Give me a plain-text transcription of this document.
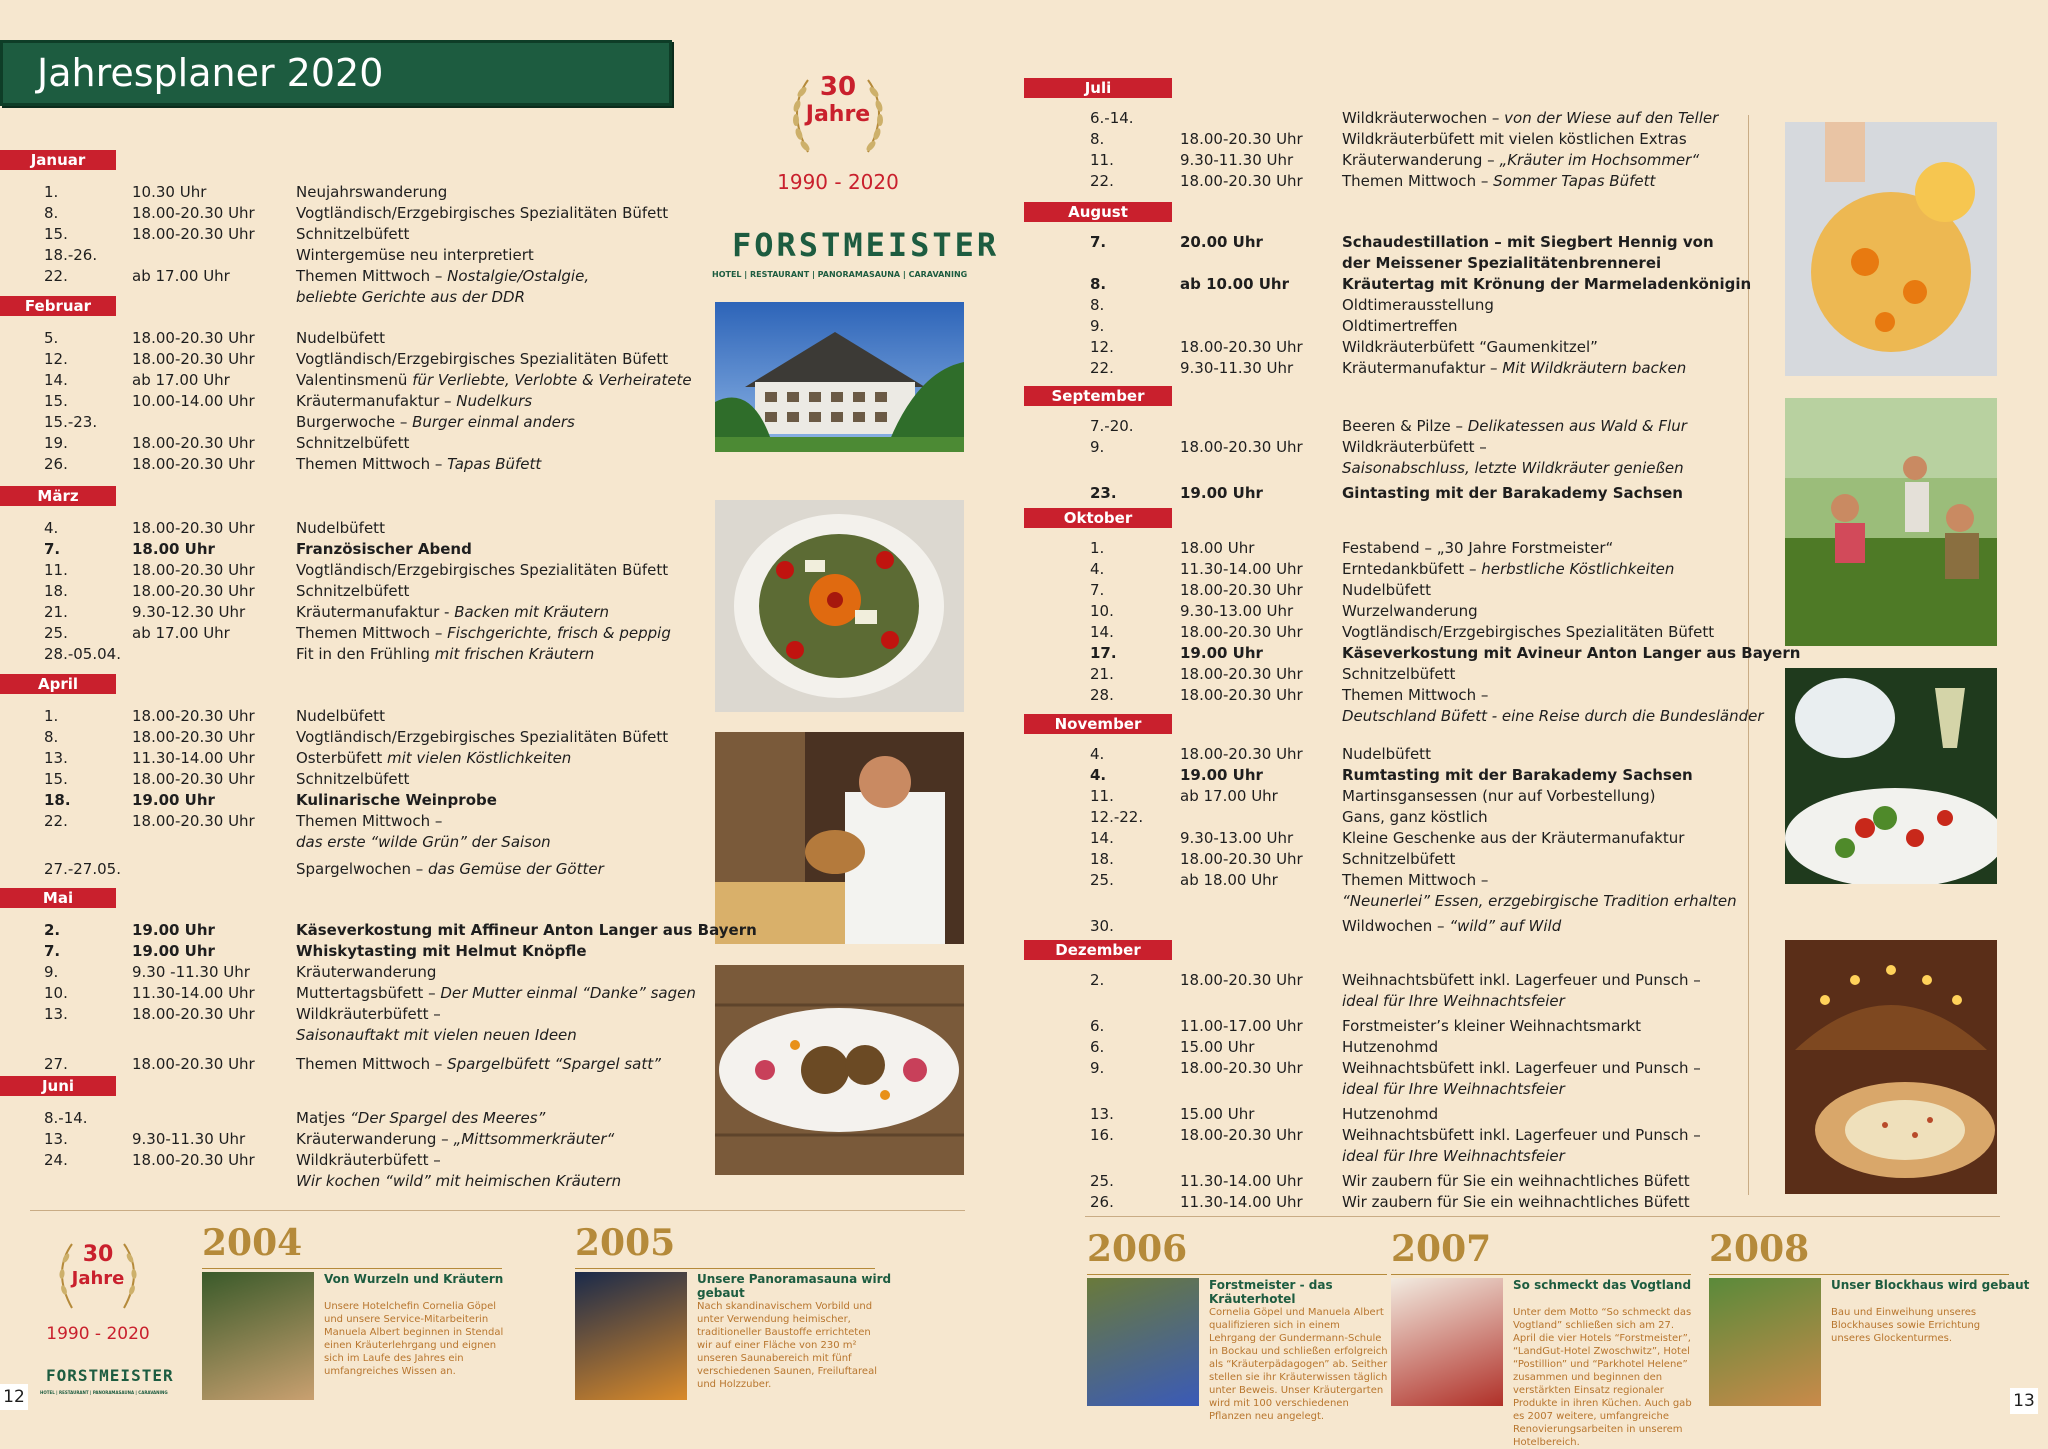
Jahresplaner 2020	30
Jahre
1990 - 2020
FORSTMEISTER
HOTEL | RESTAURANT | PANORAMASAUNA | CARAVANING
Januar
1.	10.30 Uhr	Neujahrswanderung
8.	18.00-20.30 Uhr	Vogtländisch/Erzgebirgisches Spezialitäten Büfett
15.	18.00-20.30 Uhr	Schnitzelbüfett
18.-26.	Wintergemüse neu interpretiert
22.	ab 17.00 Uhr	Themen Mittwoch – Nostalgie/Ostalgie,
beliebte Gerichte aus der DDR
Februar
5.	18.00-20.30 Uhr	Nudelbüfett
12.	18.00-20.30 Uhr	Vogtländisch/Erzgebirgisches Spezialitäten Büfett
14.	ab 17.00 Uhr	Valentinsmenü für Verliebte, Verlobte & Verheiratete
15.	10.00-14.00 Uhr	Kräutermanufaktur – Nudelkurs
15.-23.	Burgerwoche – Burger einmal anders
19.	18.00-20.30 Uhr	Schnitzelbüfett
26.	18.00-20.30 Uhr	Themen Mittwoch – Tapas Büfett
März
4.	18.00-20.30 Uhr	Nudelbüfett
7.	18.00 Uhr	Französischer Abend
11.	18.00-20.30 Uhr	Vogtländisch/Erzgebirgisches Spezialitäten Büfett
18.	18.00-20.30 Uhr	Schnitzelbüfett
21.	9.30-12.30 Uhr	Kräutermanufaktur - Backen mit Kräutern
25.	ab 17.00 Uhr	Themen Mittwoch – Fischgerichte, frisch & peppig
28.-05.04.	Fit in den Frühling mit frischen Kräutern
April
1.	18.00-20.30 Uhr	Nudelbüfett
8.	18.00-20.30 Uhr	Vogtländisch/Erzgebirgisches Spezialitäten Büfett
13.	11.30-14.00 Uhr	Osterbüfett mit vielen Köstlichkeiten
15.	18.00-20.30 Uhr	Schnitzelbüfett
18.	19.00 Uhr	Kulinarische Weinprobe
22.	18.00-20.30 Uhr	Themen Mittwoch –
das erste “wilde Grün” der Saison
27.-27.05.	Spargelwochen – das Gemüse der Götter
Mai
2.	19.00 Uhr	Käseverkostung mit Affineur Anton Langer aus Bayern
7.	19.00 Uhr	Whiskytasting mit Helmut Knöpfle
9.	9.30 -11.30 Uhr	Kräuterwanderung
10.	11.30-14.00 Uhr	Muttertagsbüfett – Der Mutter einmal “Danke” sagen
13.	18.00-20.30 Uhr	Wildkräuterbüfett –
Saisonauftakt mit vielen neuen Ideen
27.	18.00-20.30 Uhr	Themen Mittwoch – Spargelbüfett “Spargel satt”
Juni
8.-14.	Matjes “Der Spargel des Meeres”
13.	9.30-11.30 Uhr	Kräuterwanderung – „Mittsommerkräuter“
24.	18.00-20.30 Uhr	Wildkräuterbüfett –
Wir kochen “wild” mit heimischen Kräutern
Juli
6.-14.	Wildkräuterwochen – von der Wiese auf den Teller
8.	18.00-20.30 Uhr	Wildkräuterbüfett mit vielen köstlichen Extras
11.	9.30-11.30 Uhr	Kräuterwanderung – „Kräuter im Hochsommer“
22.	18.00-20.30 Uhr	Themen Mittwoch – Sommer Tapas Büfett
August
7.	20.00 Uhr	Schaudestillation – mit Siegbert Hennig von
der Meissener Spezialitätenbrennerei
8.	ab 10.00 Uhr	Kräutertag mit Krönung der Marmeladenkönigin
8.	Oldtimerausstellung
9.	Oldtimertreffen
12.	18.00-20.30 Uhr	Wildkräuterbüfett “Gaumenkitzel”
22.	9.30-11.30 Uhr	Kräutermanufaktur – Mit Wildkräutern backen
September
7.-20.	Beeren & Pilze – Delikatessen aus Wald & Flur
9.	18.00-20.30 Uhr	Wildkräuterbüfett –
Saisonabschluss, letzte Wildkräuter genießen
23.	19.00 Uhr	Gintasting mit der Barakademy Sachsen
Oktober
1.	18.00 Uhr	Festabend – „30 Jahre Forstmeister“
4.	11.30-14.00 Uhr	Erntedankbüfett – herbstliche Köstlichkeiten
7.	18.00-20.30 Uhr	Nudelbüfett
10.	9.30-13.00 Uhr	Wurzelwanderung
14.	18.00-20.30 Uhr	Vogtländisch/Erzgebirgisches Spezialitäten Büfett
17.	19.00 Uhr	Käseverkostung mit Avineur Anton Langer aus Bayern
21.	18.00-20.30 Uhr	Schnitzelbüfett
28.	18.00-20.30 Uhr	Themen Mittwoch –
Deutschland Büfett - eine Reise durch die Bundesländer
November
4.	18.00-20.30 Uhr	Nudelbüfett
4.	19.00 Uhr	Rumtasting mit der Barakademy Sachsen
11.	ab 17.00 Uhr	Martinsgansessen (nur auf Vorbestellung)
12.-22.	Gans, ganz köstlich
14.	9.30-13.00 Uhr	Kleine Geschenke aus der Kräutermanufaktur
18.	18.00-20.30 Uhr	Schnitzelbüfett
25.	ab 18.00 Uhr	Themen Mittwoch –
“Neunerlei” Essen, erzgebirgische Tradition erhalten
30.	Wildwochen – “wild” auf Wild
Dezember
2.	18.00-20.30 Uhr	Weihnachtsbüfett inkl. Lagerfeuer und Punsch –
ideal für Ihre Weihnachtsfeier
6.	11.00-17.00 Uhr	Forstmeister’s kleiner Weihnachtsmarkt
6.	15.00 Uhr	Hutzenohmd
9.	18.00-20.30 Uhr	Weihnachtsbüfett inkl. Lagerfeuer und Punsch –
ideal für Ihre Weihnachtsfeier
13.	15.00 Uhr	Hutzenohmd
16.	18.00-20.30 Uhr	Weihnachtsbüfett inkl. Lagerfeuer und Punsch –
ideal für Ihre Weihnachtsfeier
25.	11.30-14.00 Uhr	Wir zaubern für Sie ein weihnachtliches Büfett
26.	11.30-14.00 Uhr	Wir zaubern für Sie ein weihnachtliches Büfett
30
Jahre
1990 - 2020
FORSTMEISTER
HOTEL | RESTAURANT | PANORAMASAUNA | CARAVANING
2004
Von Wurzeln und Kräutern
Unsere Hotelchefin Cornelia Göpel und unsere Service-Mitarbeiterin Manuela Albert beginnen in Stendal einen Kräuterlehrgang und eignen sich im Laufe des Jahres ein umfangreiches Wissen an.
2005
Unsere Panoramasauna wird gebaut
Nach skandinavischem Vorbild und unter Verwendung heimischer, traditioneller Baustoffe errichteten wir auf einer Fläche von 230 m² unseren Saunabereich mit fünf verschiedenen Saunen, Freiluftareal und Holzzuber.
2006
Forstmeister - das Kräuterhotel
Cornelia Göpel und Manuela Albert qualifizieren sich in einem Lehrgang der Gundermann-Schule in Bockau und schließen erfolgreich als “Kräuterpädagogen” ab. Seither stellen sie ihr Kräuterwissen täglich unter Beweis. Unser Kräutergarten wird mit 100 verschiedenen Pflanzen neu angelegt.
2007
So schmeckt das Vogtland
Unter dem Motto “So schmeckt das Vogtland” schließen sich am 27. April die vier Hotels “Forstmeister”, “LandGut-Hotel Zwoschwitz”, Hotel “Postillion” und “Parkhotel Helene” zusammen und beginnen den verstärkten Einsatz regionaler Produkte in ihren Küchen. Auch gab es 2007 weitere, umfangreiche Renovierungsarbeiten in unserem Hotelbereich.
2008
Unser Blockhaus wird gebaut
Bau und Einweihung unseres Blockhauses sowie Errichtung unseres Glockenturmes.
12	13
